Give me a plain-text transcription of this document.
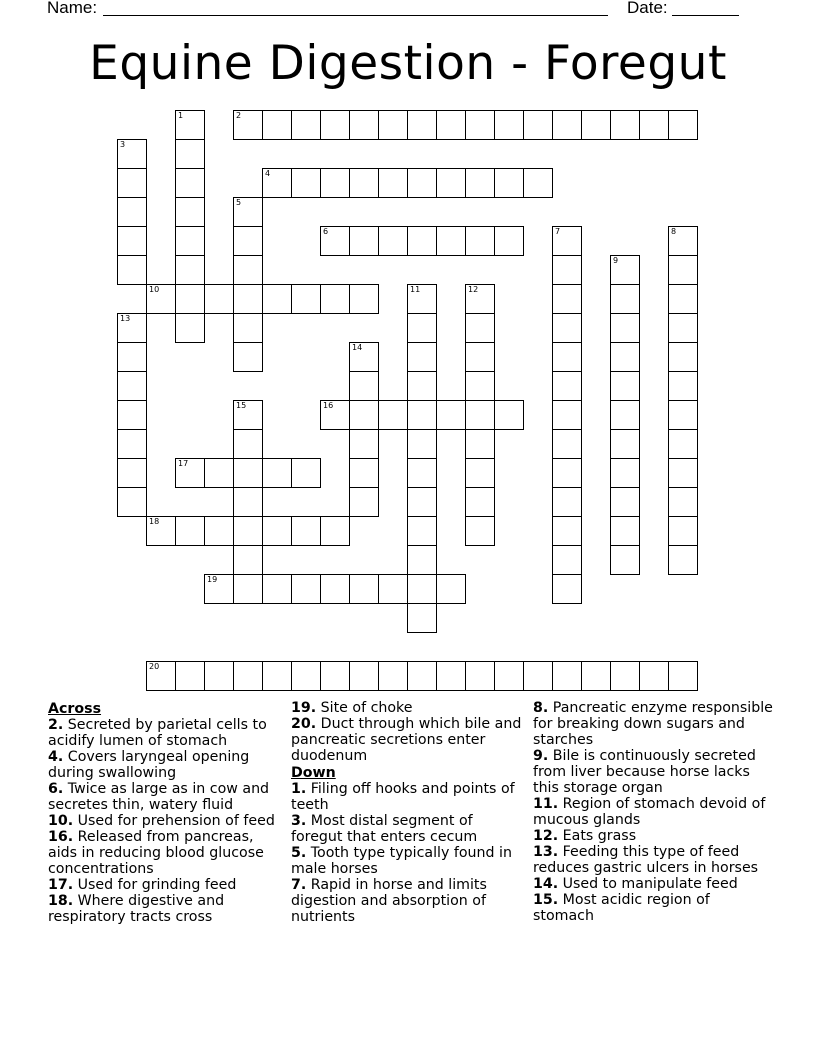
Name:	Date:
Equine Digestion - Foregut
1	2
3
4
5
6	7	8
9
10	11	12
13
14
15	16
17
18
19
20
Across
2. Secreted by parietal cells to acidify lumen of stomach
4. Covers laryngeal opening during swallowing
6. Twice as large as in cow and secretes thin, watery fluid
10. Used for prehension of feed
16. Released from pancreas, aids in reducing blood glucose concentrations
17. Used for grinding feed
18. Where digestive and respiratory tracts cross
19. Site of choke
20. Duct through which bile and pancreatic secretions enter duodenum
Down
1. Filing off hooks and points of teeth
3. Most distal segment of foregut that enters cecum
5. Tooth type typically found in male horses
7. Rapid in horse and limits digestion and absorption of nutrients
8. Pancreatic enzyme responsible for breaking down sugars and starches
9. Bile is continuously secreted from liver because horse lacks this storage organ
11. Region of stomach devoid of mucous glands
12. Eats grass
13. Feeding this type of feed reduces gastric ulcers in horses
14. Used to manipulate feed
15. Most acidic region of stomach
